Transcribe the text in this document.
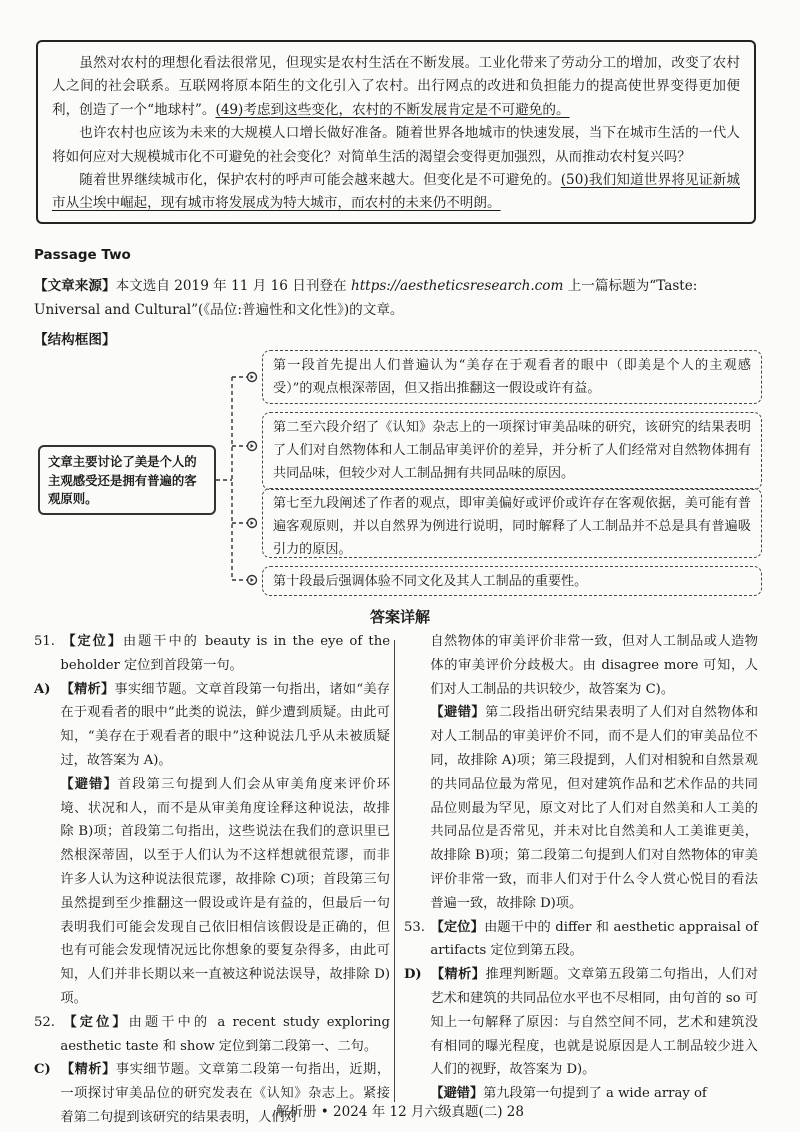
虽然对农村的理想化看法很常见，但现实是农村生活在不断发展。工业化带来了劳动分工的增加，改变了农村人之间的社会联系。互联网将原本陌生的文化引入了农村。出行网点的改进和负担能力的提高使世界变得更加便利，创造了一个“地球村”。(49)考虑到这些变化，农村的不断发展肯定是不可避免的。

也许农村也应该为未来的大规模人口增长做好准备。随着世界各地城市的快速发展，当下在城市生活的一代人将如何应对大规模城市化不可避免的社会变化？对简单生活的渴望会变得更加强烈，从而推动农村复兴吗？

随着世界继续城市化，保护农村的呼声可能会越来越大。但变化是不可避免的。(50)我们知道世界将见证新城市从尘埃中崛起，现有城市将发展成为特大城市，而农村的未来仍不明朗。

Passage Two
【文章来源】本文选自 2019 年 11 月 16 日刊登在 https://aestheticsresearch.com 上一篇标题为“Taste: Universal and Cultural”(《品位:普遍性和文化性》)的文章。
【结构框图】
文章主要讨论了美是个人的主观感受还是拥有普遍的客观原则。
第一段首先提出人们普遍认为“美存在于观看者的眼中（即美是个人的主观感受）”的观点根深蒂固，但又指出推翻这一假设或许有益。
第二至六段介绍了《认知》杂志上的一项探讨审美品味的研究，该研究的结果表明了人们对自然物体和人工制品审美评价的差异，并分析了人们经常对自然物体拥有共同品味，但较少对人工制品拥有共同品味的原因。
第七至九段阐述了作者的观点，即审美偏好或评价或许存在客观依据，美可能有普遍客观原则，并以自然界为例进行说明，同时解释了人工制品并不总是具有普遍吸引力的原因。
第十段最后强调体验不同文化及其人工制品的重要性。
答案详解

51. 【定位】由题干中的 beauty is in the eye of the beholder 定位到首段第一句。

A) 【精析】事实细节题。文章首段第一句指出，诸如“美存在于观看者的眼中”此类的说法，鲜少遭到质疑。由此可知，“美存在于观看者的眼中”这种说法几乎从未被质疑过，故答案为 A)。

【避错】首段第三句提到人们会从审美角度来评价环境、状况和人，而不是从审美角度诠释这种说法，故排除 B)项；首段第二句指出，这些说法在我们的意识里已然根深蒂固，以至于人们认为不这样想就很荒谬，而非许多人认为这种说法很荒谬，故排除 C)项；首段第三句虽然提到至少推翻这一假设或许是有益的，但最后一句表明我们可能会发现自己依旧相信该假设是正确的，但也有可能会发现情况远比你想象的要复杂得多，由此可知，人们并非长期以来一直被这种说法误导，故排除 D)项。

52. 【定位】由题干中的 a recent study exploring aesthetic taste 和 show 定位到第二段第一、二句。

C) 【精析】事实细节题。文章第二段第一句指出，近期，一项探讨审美品位的研究发表在《认知》杂志上。紧接着第二句提到该研究的结果表明，人们对

自然物体的审美评价非常一致，但对人工制品或人造物体的审美评价分歧极大。由 disagree more 可知，人们对人工制品的共识较少，故答案为 C)。

【避错】第二段指出研究结果表明了人们对自然物体和对人工制品的审美评价不同，而不是人们的审美品位不同，故排除 A)项；第三段提到，人们对相貌和自然景观的共同品位最为常见，但对建筑作品和艺术作品的共同品位则最为罕见，原文对比了人们对自然美和人工美的共同品位是否常见，并未对比自然美和人工美谁更美，故排除 B)项；第二段第二句提到人们对自然物体的审美评价非常一致，而非人们对于什么令人赏心悦目的看法普遍一致，故排除 D)项。

53. 【定位】由题干中的 differ 和 aesthetic appraisal of artifacts 定位到第五段。

D) 【精析】推理判断题。文章第五段第二句指出，人们对艺术和建筑的共同品位水平也不尽相同，由句首的 so 可知上一句解释了原因：与自然空间不同，艺术和建筑没有相同的曝光程度，也就是说原因是人工制品较少进入人们的视野，故答案为 D)。

【避错】第九段第一句提到了 a wide array of

解析册 • 2024 年 12 月六级真题(二) 28
